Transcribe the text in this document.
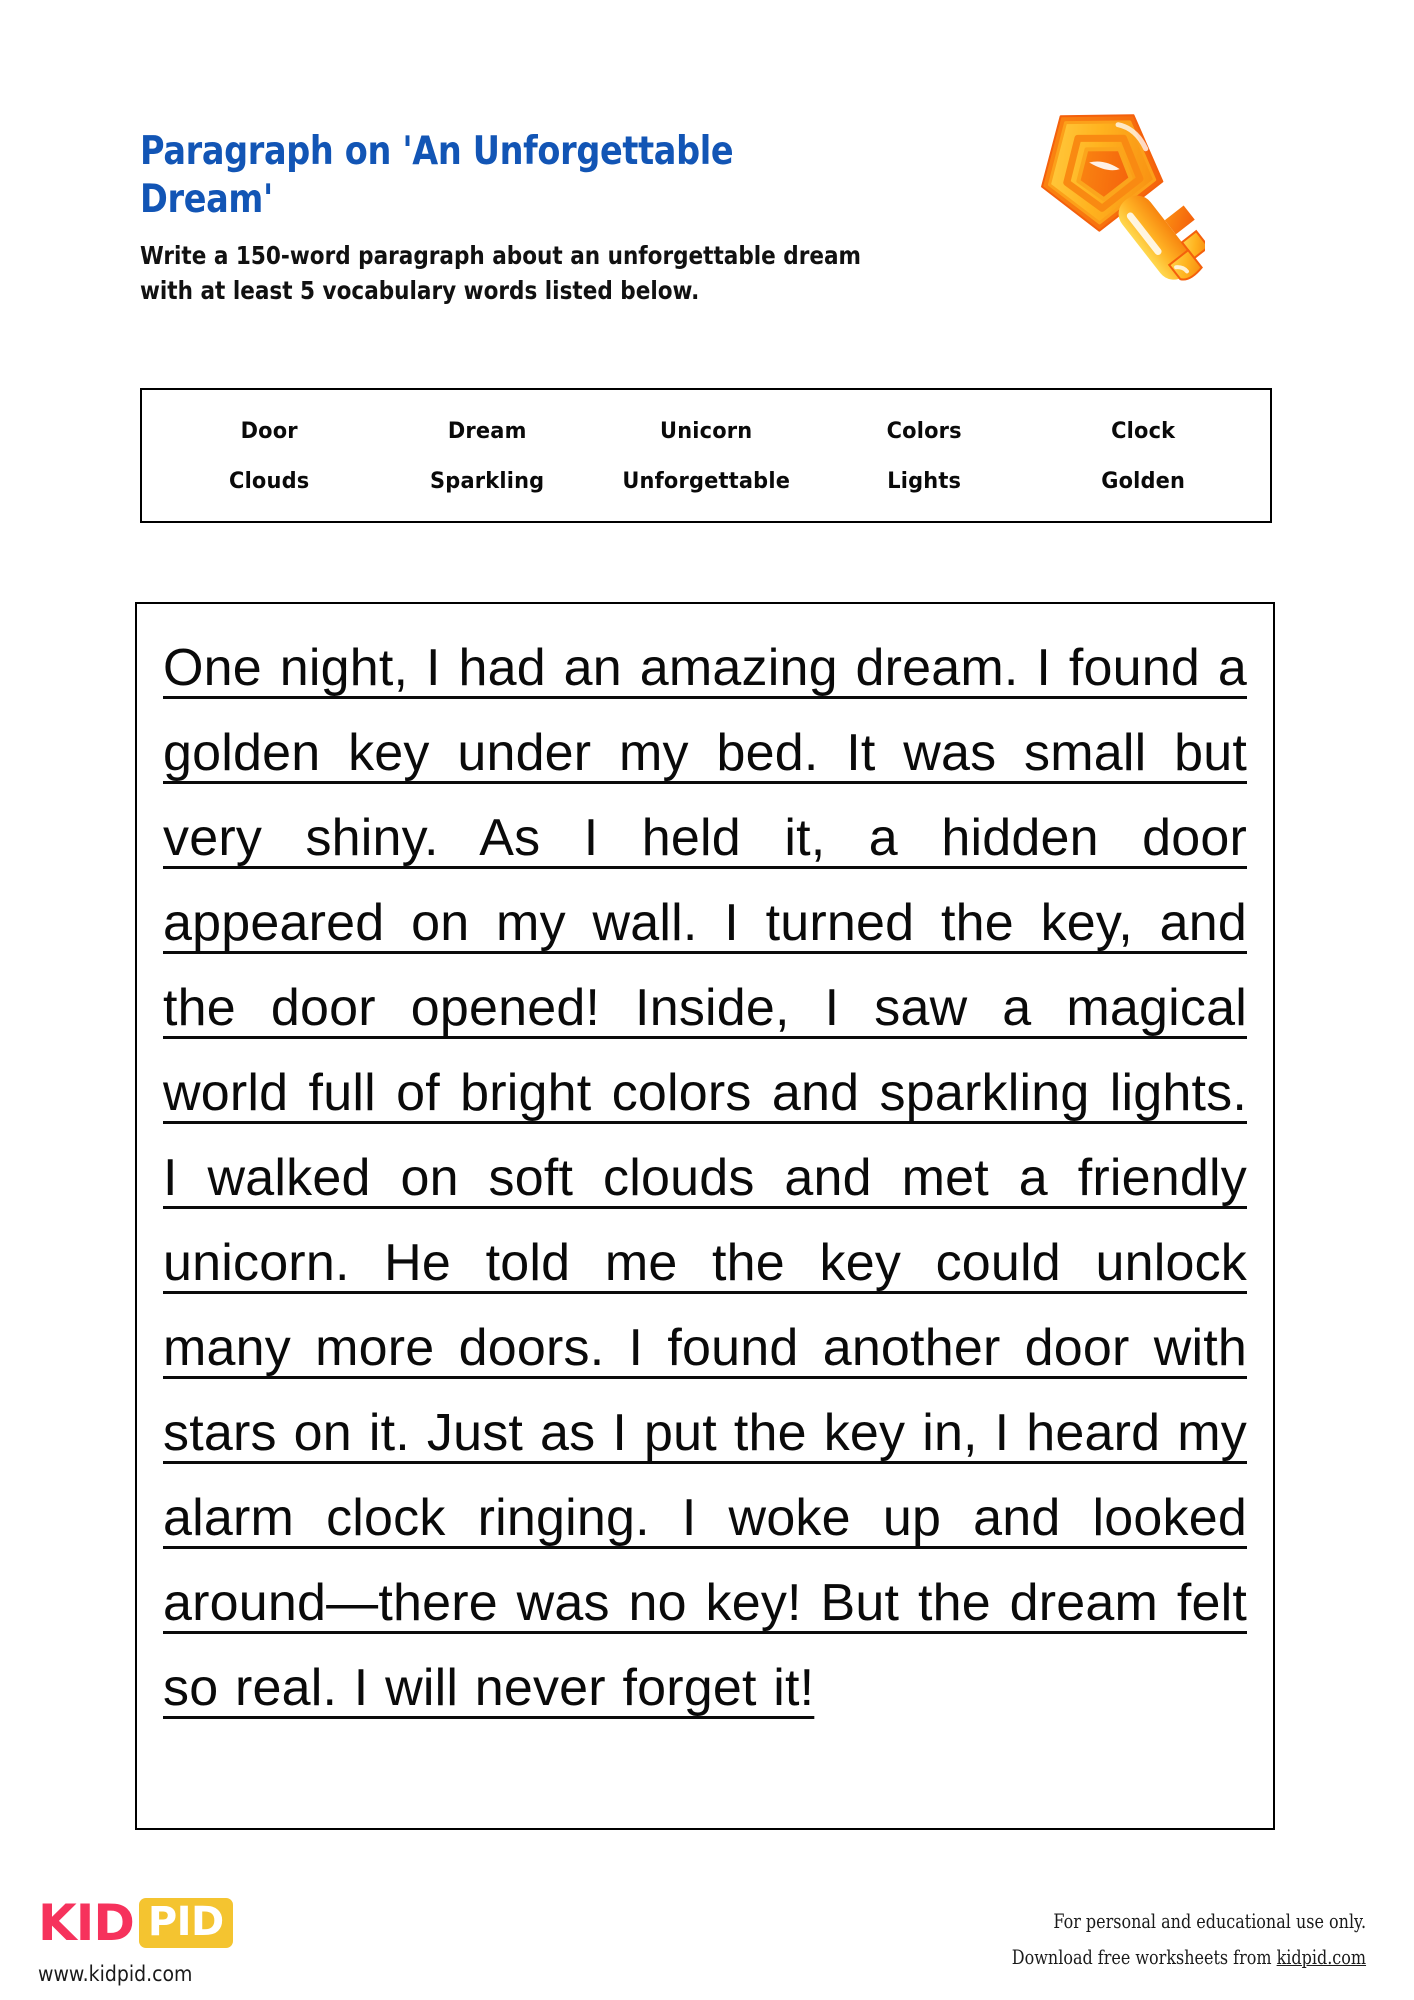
Paragraph on 'An Unforgettable Dream'
Write a 150-word paragraph about an unforgettable dream with at least 5 vocabulary words listed below.
Door	Dream	Unicorn	Colors	Clock
Clouds	Sparkling	Unforgettable	Lights	Golden
One night, I had an amazing dream. I found a golden key under my bed. It was small but very shiny. As I held it, a hidden door appeared on my wall. I turned the key, and the door opened! Inside, I saw a magical world full of bright colors and sparkling lights. I walked on soft clouds and met a friendly unicorn. He told me the key could unlock many more doors. I found another door with stars on it. Just as I put the key in, I heard my alarm clock ringing. I woke up and looked around—there was no key! But the dream felt so real. I will never forget it!
KID PID
www.kidpid.com
For personal and educational use only.
Download free worksheets from kidpid.com
